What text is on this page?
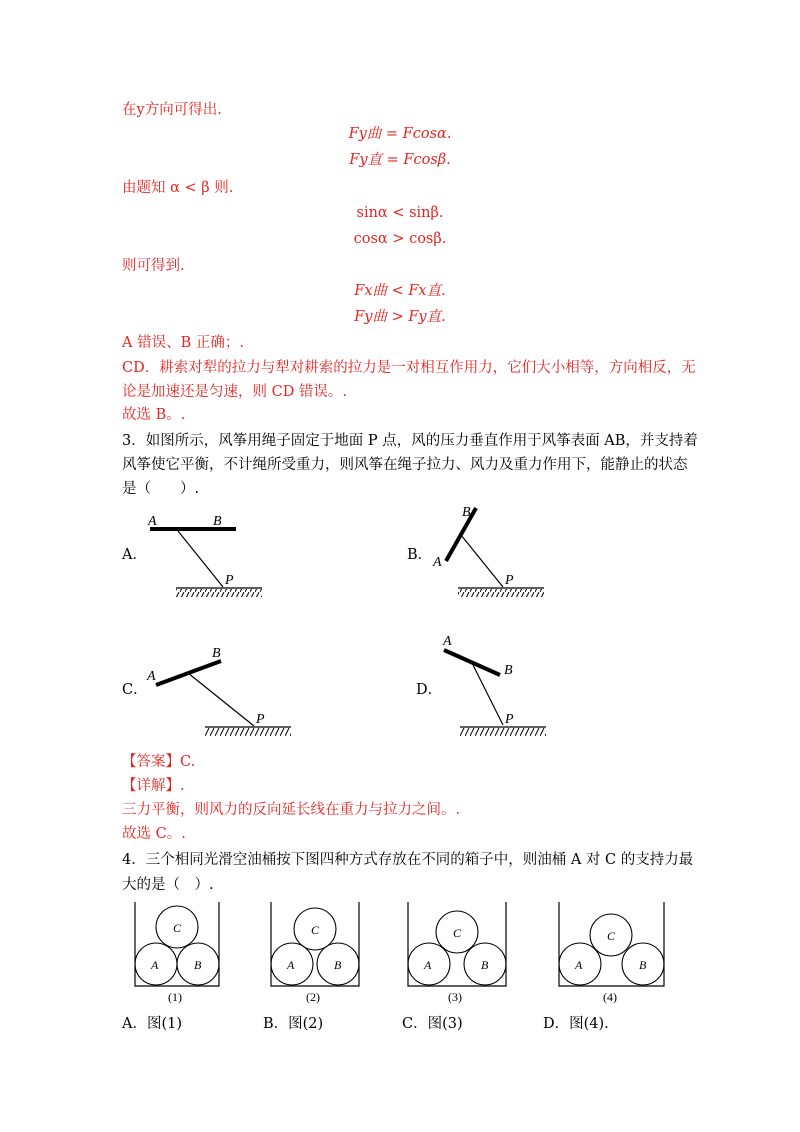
在y方向可得出.
Fy曲 = Fcosα.
Fy直 = Fcosβ.
由题知 α < β 则.
sinα < sinβ.
cosα > cosβ.
则可得到.
Fx曲 < Fx直.
Fy曲 > Fy直.
A 错误、B 正确；.
CD．耕索对犁的拉力与犁对耕索的拉力是一对相互作用力，它们大小相等，方向相反，无
论是加速还是匀速，则 CD 错误。.
故选 B。.
3．如图所示，风筝用绳子固定于地面 P 点，风的压力垂直作用于风筝表面 AB，并支持着
风筝使它平衡，不计绳所受重力，则风筝在绳子拉力、风力及重力作用下，能静止的状态
是（　　）.
A．	B．
C．	D．
A	B
P
B
A
P
A
B
P
A
B
P
【答案】C.
【详解】.
三力平衡，则风力的反向延长线在重力与拉力之间。.
故选 C。.
4．三个相同光滑空油桶按下图四种方式存放在不同的箱子中，则油桶 A 对 C 的支持力最
大的是（　）.
C
A	B
(1)
C
A	B
(2)
C
A	B
(3)
C
A	B
(4)
A．图(1)	B．图(2)	C．图(3)	D．图(4).
